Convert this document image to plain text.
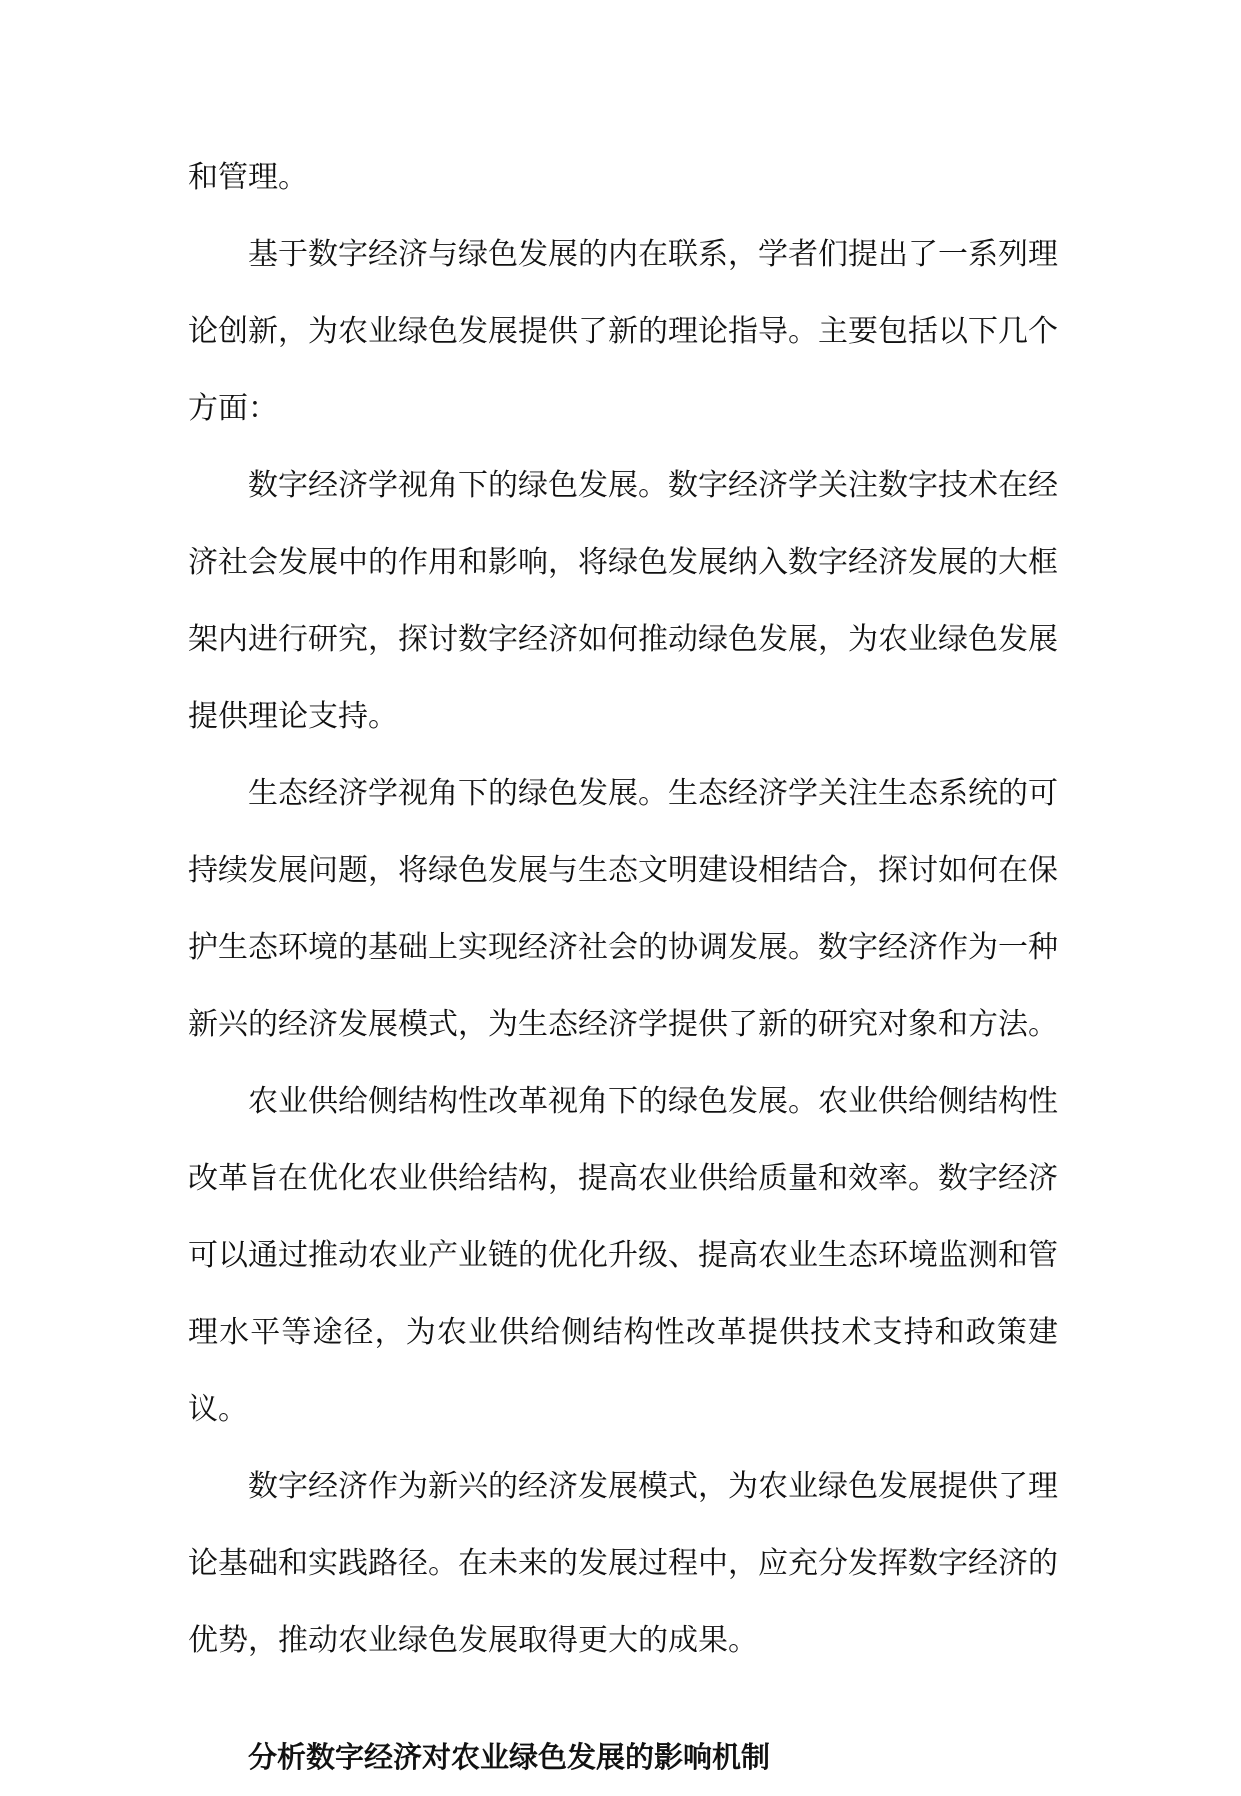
和管理。

基于数字经济与绿色发展的内在联系，学者们提出了一系列理论创新，为农业绿色发展提供了新的理论指导。主要包括以下几个方面：

数字经济学视角下的绿色发展。数字经济学关注数字技术在经济社会发展中的作用和影响，将绿色发展纳入数字经济发展的大框架内进行研究，探讨数字经济如何推动绿色发展，为农业绿色发展提供理论支持。

生态经济学视角下的绿色发展。生态经济学关注生态系统的可持续发展问题，将绿色发展与生态文明建设相结合，探讨如何在保护生态环境的基础上实现经济社会的协调发展。数字经济作为一种新兴的经济发展模式，为生态经济学提供了新的研究对象和方法。

农业供给侧结构性改革视角下的绿色发展。农业供给侧结构性改革旨在优化农业供给结构，提高农业供给质量和效率。数字经济可以通过推动农业产业链的优化升级、提高农业生态环境监测和管理水平等途径，为农业供给侧结构性改革提供技术支持和政策建议。

数字经济作为新兴的经济发展模式，为农业绿色发展提供了理论基础和实践路径。在未来的发展过程中，应充分发挥数字经济的优势，推动农业绿色发展取得更大的成果。

分析数字经济对农业绿色发展的影响机制
